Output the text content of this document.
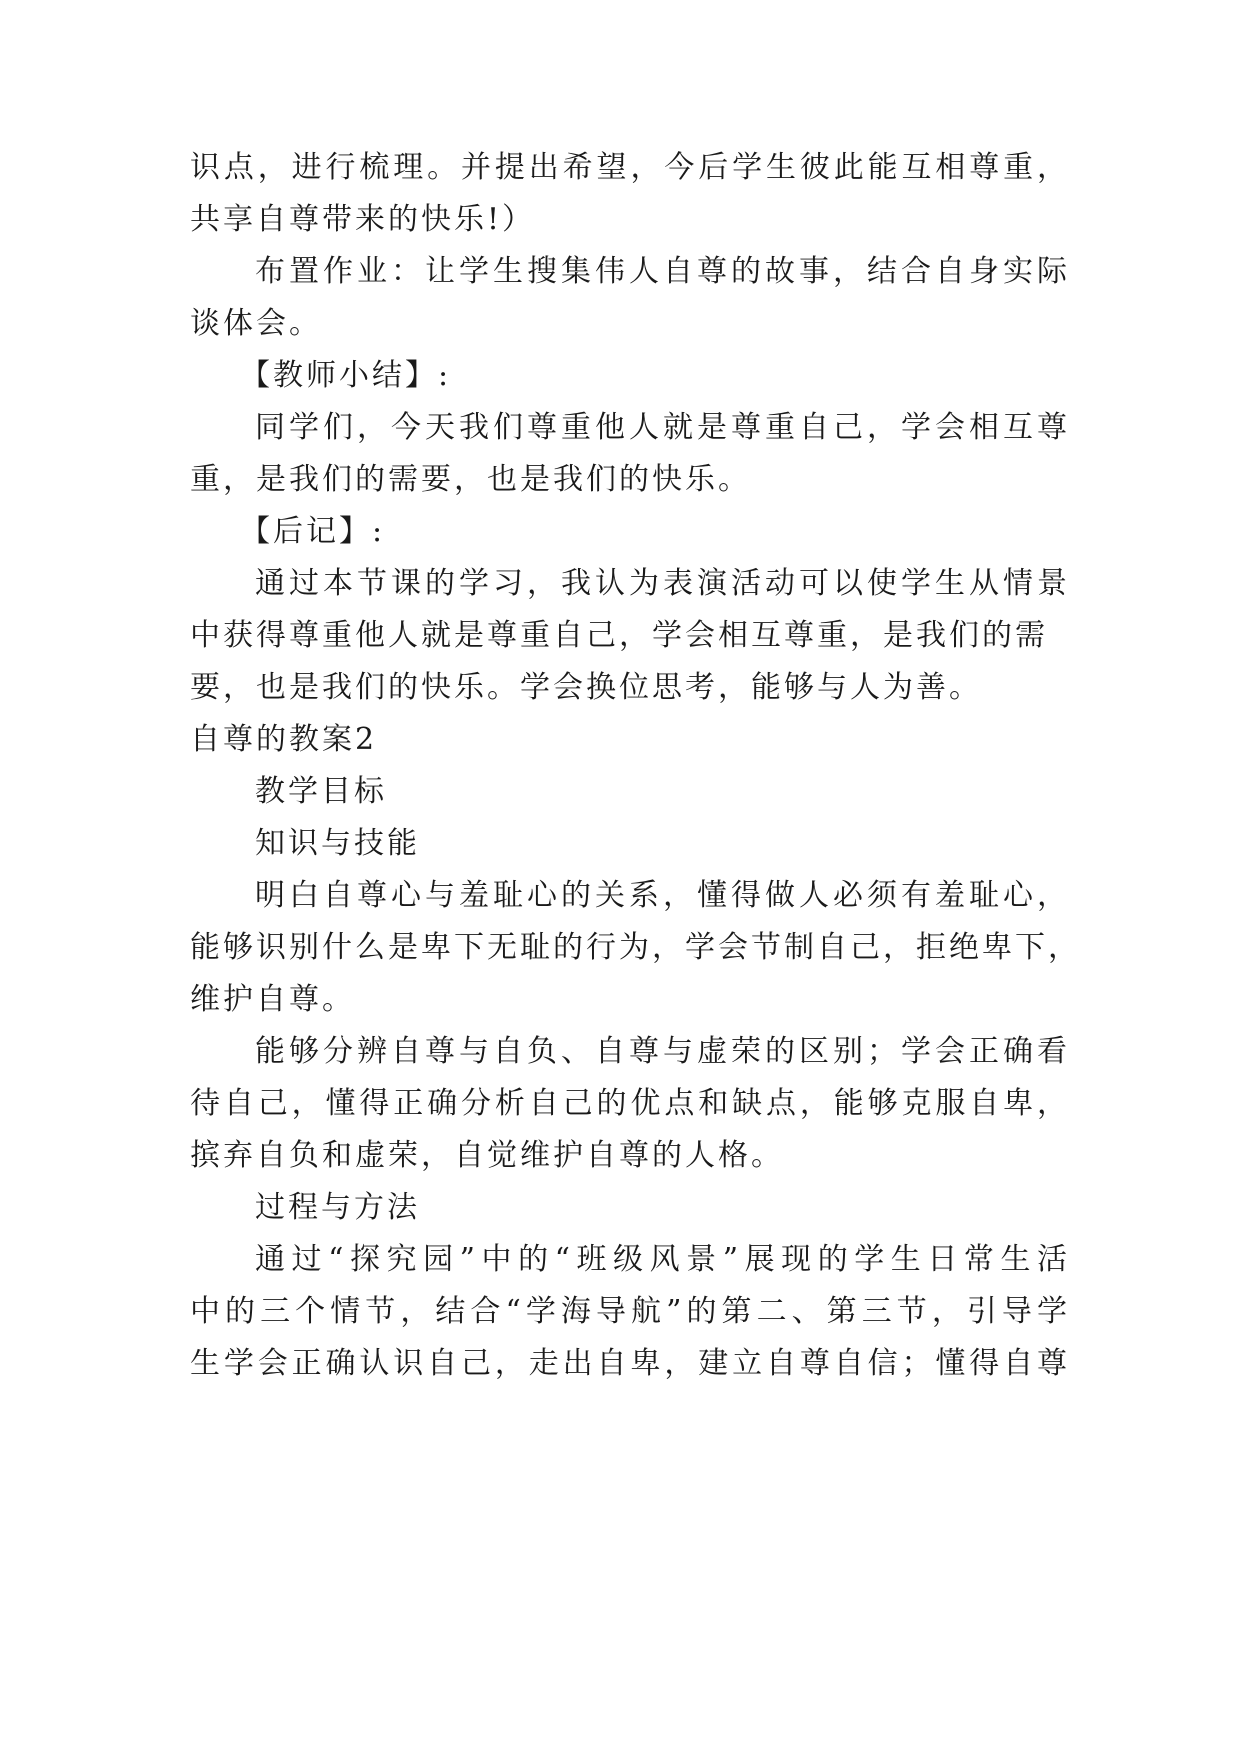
识点，进行梳理。并提出希望，今后学生彼此能互相尊重，
共享自尊带来的快乐!）
布置作业：让学生搜集伟人自尊的故事，结合自身实际
谈体会。
【教师小结】:
同学们，今天我们尊重他人就是尊重自己，学会相互尊
重，是我们的需要，也是我们的快乐。
【后记】:
通过本节课的学习，我认为表演活动可以使学生从情景
中获得尊重他人就是尊重自己，学会相互尊重，是我们的需
要，也是我们的快乐。学会换位思考，能够与人为善。
自尊的教案2
教学目标
知识与技能
明白自尊心与羞耻心的关系，懂得做人必须有羞耻心，
能够识别什么是卑下无耻的行为，学会节制自己，拒绝卑下，
维护自尊。
能够分辨自尊与自负、自尊与虚荣的区别；学会正确看
待自己，懂得正确分析自己的优点和缺点，能够克服自卑，
摈弃自负和虚荣，自觉维护自尊的人格。
过程与方法
通过“探究园”中的“班级风景”展现的学生日常生活
中的三个情节，结合“学海导航”的第二、第三节，引导学
生学会正确认识自己，走出自卑，建立自尊自信；懂得自尊
